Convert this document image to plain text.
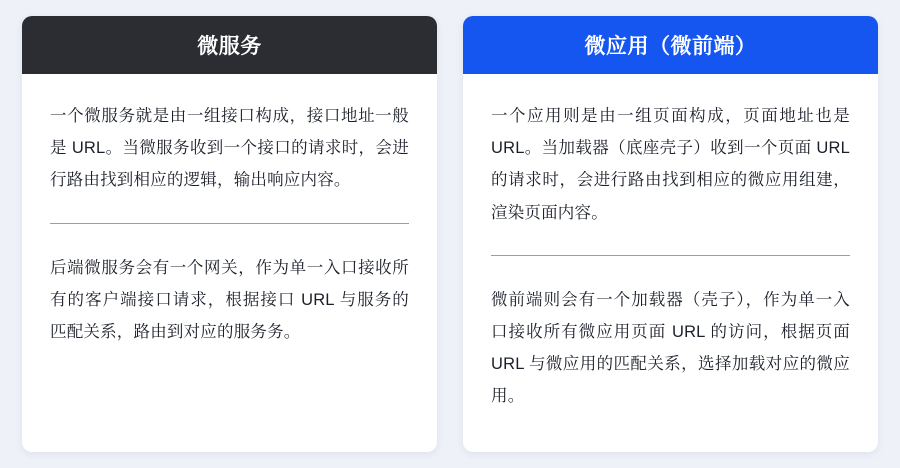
微服务
一个微服务就是由一组接口构成，接口地址一般是 URL。当微服务收到一个接口的请求时，会进行路由找到相应的逻辑，输出响应内容。
后端微服务会有一个网关，作为单一入口接收所有的客户端接口请求，根据接口 URL 与服务的匹配关系，路由到对应的服务务。
微应用（微前端）
一个应用则是由一组页面构成，页面地址也是 URL。当加载器（底座壳子）收到一个页面 URL 的请求时，会进行路由找到相应的微应用组建，渲染页面内容。
微前端则会有一个加载器（壳子），作为单一入口接收所有微应用页面 URL 的访问，根据页面 URL 与微应用的匹配关系，选择加载对应的微应用。
